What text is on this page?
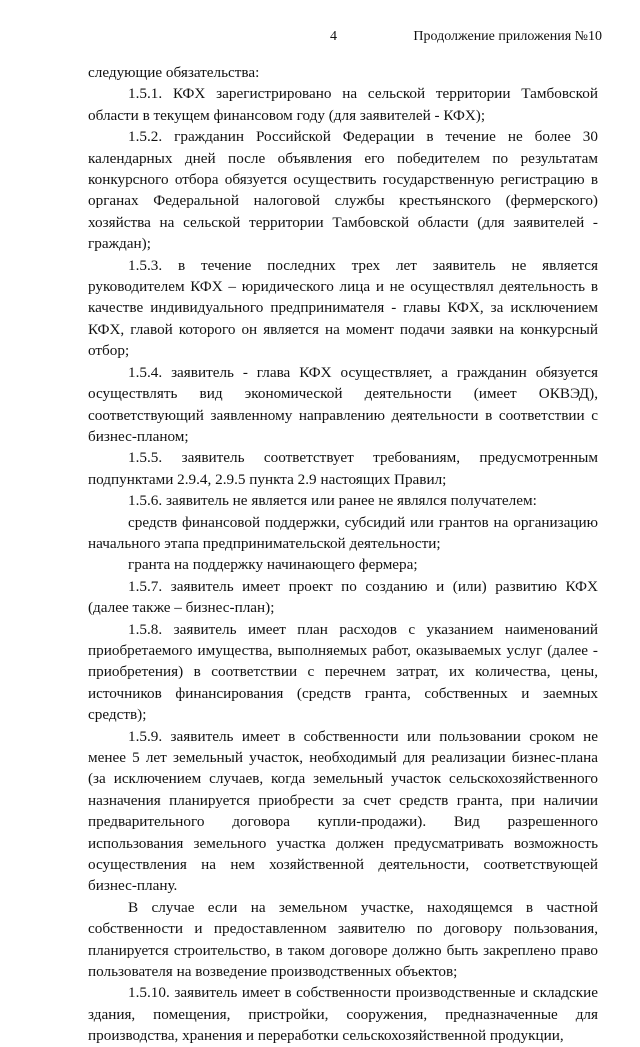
4	Продолжение приложения №10

следующие обязательства:

1.5.1. КФХ зарегистрировано на сельской территории Тамбовской области в текущем финансовом году (для заявителей - КФХ);

1.5.2. гражданин Российской Федерации в течение не более 30 календарных дней после объявления его победителем по результатам конкурсного отбора обязуется осуществить государственную регистрацию в органах Федеральной налоговой службы крестьянского (фермерского) хозяйства на сельской территории Тамбовской области (для заявителей - граждан);

1.5.3. в течение последних трех лет заявитель не является руководителем КФХ – юридического лица и не осуществлял деятельность в качестве индивидуального предпринимателя - главы КФХ, за исключением КФХ, главой которого он является на момент подачи заявки на конкурсный отбор;

1.5.4. заявитель - глава КФХ осуществляет, а гражданин обязуется осуществлять вид экономической деятельности (имеет ОКВЭД), соответствующий заявленному направлению деятельности в соответствии с бизнес-планом;

1.5.5. заявитель соответствует требованиям, предусмотренным подпунктами 2.9.4, 2.9.5 пункта 2.9 настоящих Правил;

1.5.6. заявитель не является или ранее не являлся получателем:

средств финансовой поддержки, субсидий или грантов на организацию начального этапа предпринимательской деятельности;

гранта на поддержку начинающего фермера;

1.5.7. заявитель имеет проект по созданию и (или) развитию КФХ (далее также – бизнес-план);

1.5.8. заявитель имеет план расходов с указанием наименований приобретаемого имущества, выполняемых работ, оказываемых услуг (далее - приобретения) в соответствии с перечнем затрат, их количества, цены, источников финансирования (средств гранта, собственных и заемных средств);

1.5.9. заявитель имеет в собственности или пользовании сроком не менее 5 лет земельный участок, необходимый для реализации бизнес-плана (за исключением случаев, когда земельный участок сельскохозяйственного назначения планируется приобрести за счет средств гранта, при наличии предварительного договора купли-продажи). Вид разрешенного использования земельного участка должен предусматривать возможность осуществления на нем хозяйственной деятельности, соответствующей бизнес-плану.

В случае если на земельном участке, находящемся в частной собственности и предоставленном заявителю по договору пользования, планируется строительство, в таком договоре должно быть закреплено право пользователя на возведение производственных объектов;

1.5.10. заявитель имеет в собственности производственные и складские здания, помещения, пристройки, сооружения, предназначенные для производства, хранения и переработки сельскохозяйственной продукции,
